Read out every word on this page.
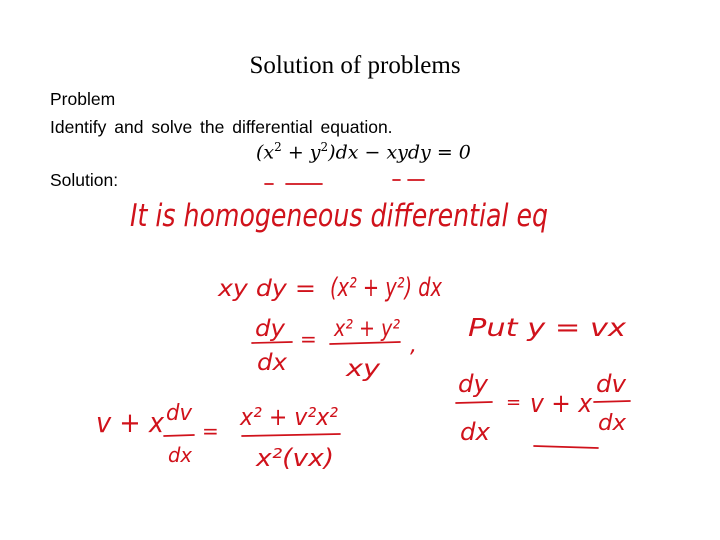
Solution of problems
Problem
Identify and solve the differential equation.
$(x^2 + y^2)dx$ − xydy = 0
Solution:
It is homogeneous differential eq
xy dy = (x² + y²) dx
dy
dx
= x² + y²
xy
,
Put y = vx
v + x dv
dx
= x² + v²x²
x²(vx)
dy
dx
= v + x
dv
dx
